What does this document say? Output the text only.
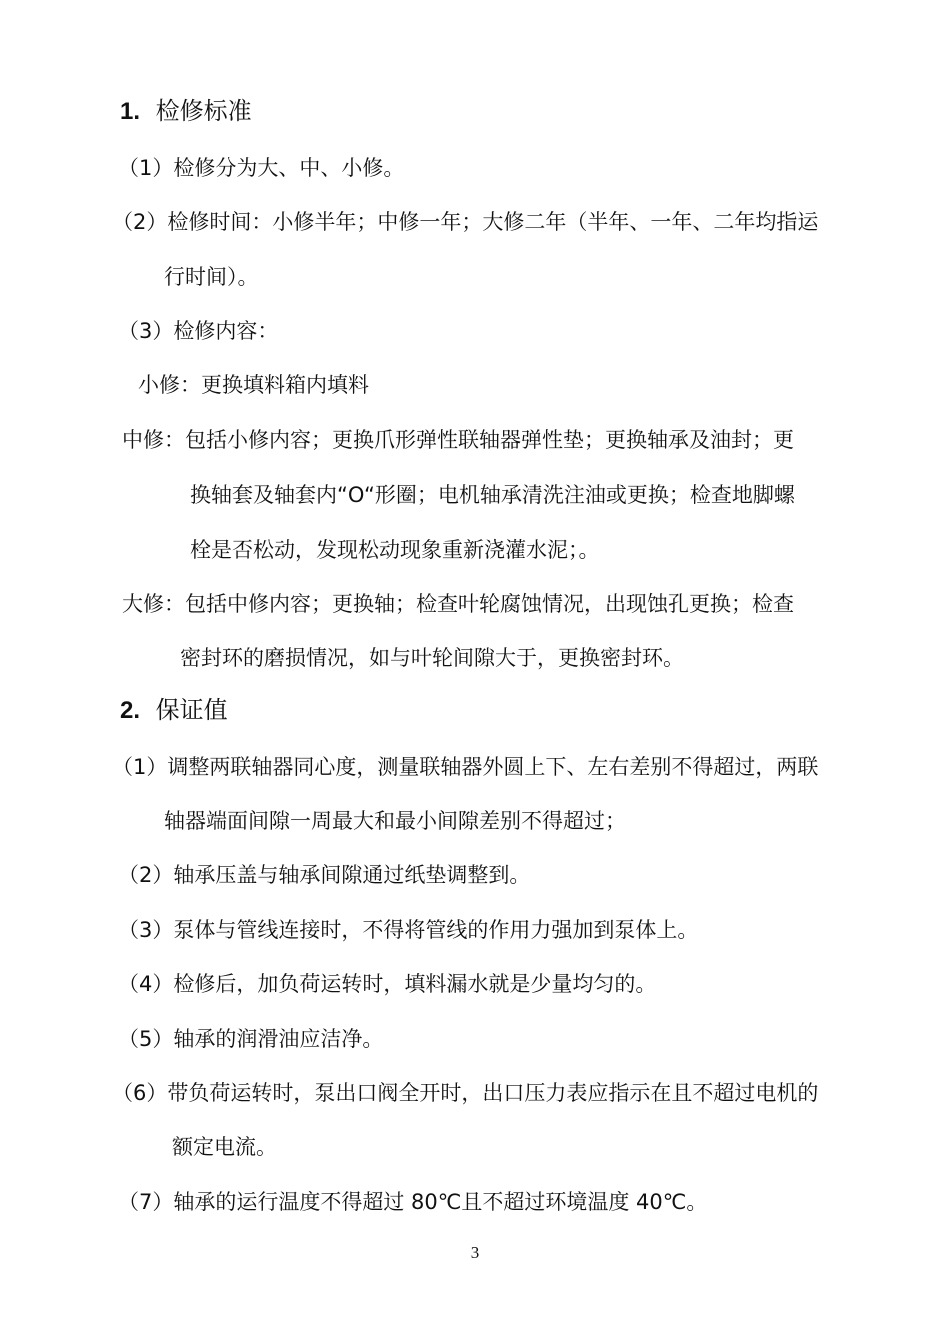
1. 检修标准
（1）检修分为大、中、小修。
（2）检修时间：小修半年；中修一年；大修二年（半年、一年、二年均指运
行时间）。
（3）检修内容：
小修：更换填料箱内填料
中修：包括小修内容；更换爪形弹性联轴器弹性垫；更换轴承及油封；更
换轴套及轴套内“O“形圈；电机轴承清洗注油或更换；检查地脚螺
栓是否松动，发现松动现象重新浇灌水泥；。
大修：包括中修内容；更换轴；检查叶轮腐蚀情况，出现蚀孔更换；检查
密封环的磨损情况，如与叶轮间隙大于，更换密封环。
2. 保证值
（1）调整两联轴器同心度，测量联轴器外圆上下、左右差别不得超过，两联
轴器端面间隙一周最大和最小间隙差别不得超过；
（2）轴承压盖与轴承间隙通过纸垫调整到。
（3）泵体与管线连接时，不得将管线的作用力强加到泵体上。
（4）检修后，加负荷运转时，填料漏水就是少量均匀的。
（5）轴承的润滑油应洁净。
（6）带负荷运转时，泵出口阀全开时，出口压力表应指示在且不超过电机的
额定电流。
（7）轴承的运行温度不得超过 80℃且不超过环境温度 40℃。
3
